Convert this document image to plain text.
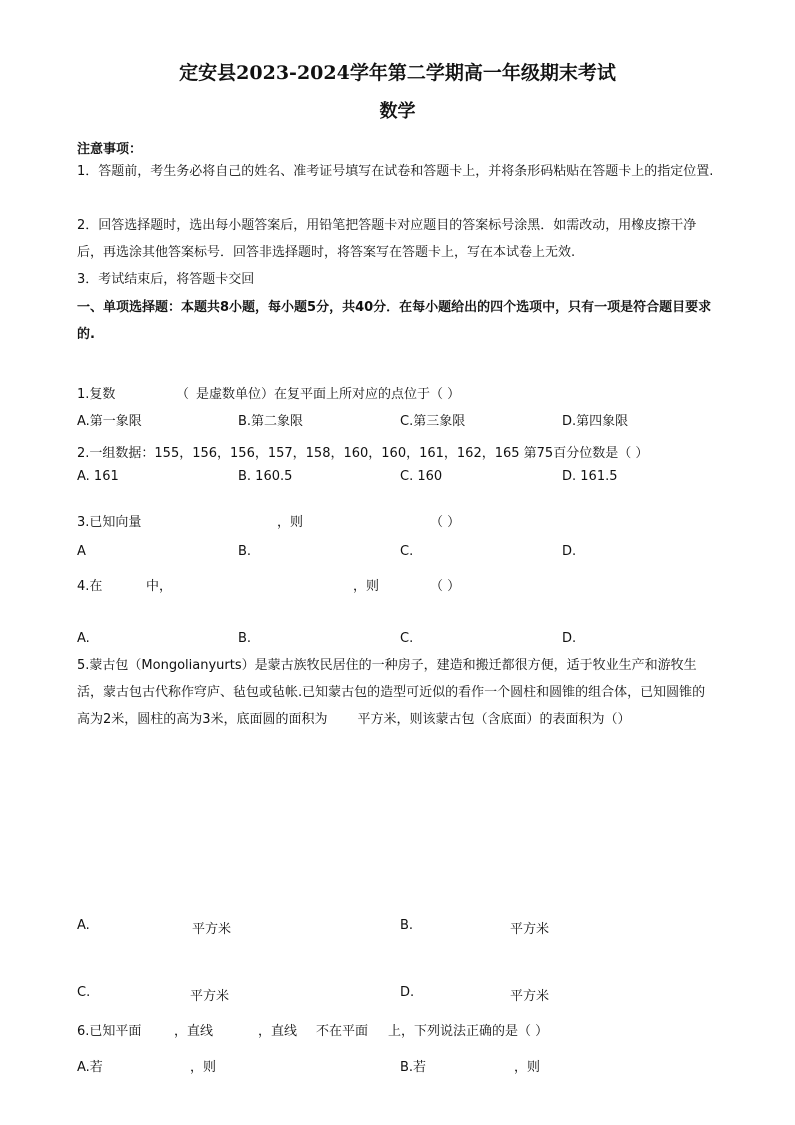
定安县2023-2024学年第二学期高一年级期末考试
数学
注意事项：
1．答题前，考生务必将自己的姓名、准考证号填写在试卷和答题卡上，并将条形码粘贴在答题卡上的指定位置.
2．回答选择题时，选出每小题答案后，用铅笔把答题卡对应题目的答案标号涂黑．如需改动，用橡皮擦干净后，再选涂其他答案标号．回答非选择题时，将答案写在答题卡上，写在本试卷上无效.
3．考试结束后，将答题卡交回
一、单项选择题：本题共8小题，每小题5分，共40分．在每小题给出的四个选项中，只有一项是符合题目要求的.
1.复数	（ 是虚数单位）在复平面上所对应的点位于（ ）
A.第一象限	B.第二象限	C.第三象限	D.第四象限
2.一组数据：155，156，156，157，158，160，160，161，162，165 第75百分位数是（ ）
A. 161	B. 160.5	C. 160	D. 161.5
3.已知向量	，则	（ ）
A	B.	C.	D.
4.在	中，	，则	（ ）
A.	B.	C.	D.
5.蒙古包（Mongolianyurts）是蒙古族牧民居住的一种房子，建造和搬迁都很方便，适于牧业生产和游牧生活，蒙古包古代称作穹庐、毡包或毡帐.已知蒙古包的造型可近似的看作一个圆柱和圆锥的组合体，已知圆锥的高为2米，圆柱的高为3米，底面圆的面积为 平方米，则该蒙古包（含底面）的表面积为（）
A.	平方米	B.	平方米
C.	平方米	D.	平方米
6.已知平面	，直线	，直线 不在平面 上，下列说法正确的是（ ）
A.若	，则	B.若	，则
